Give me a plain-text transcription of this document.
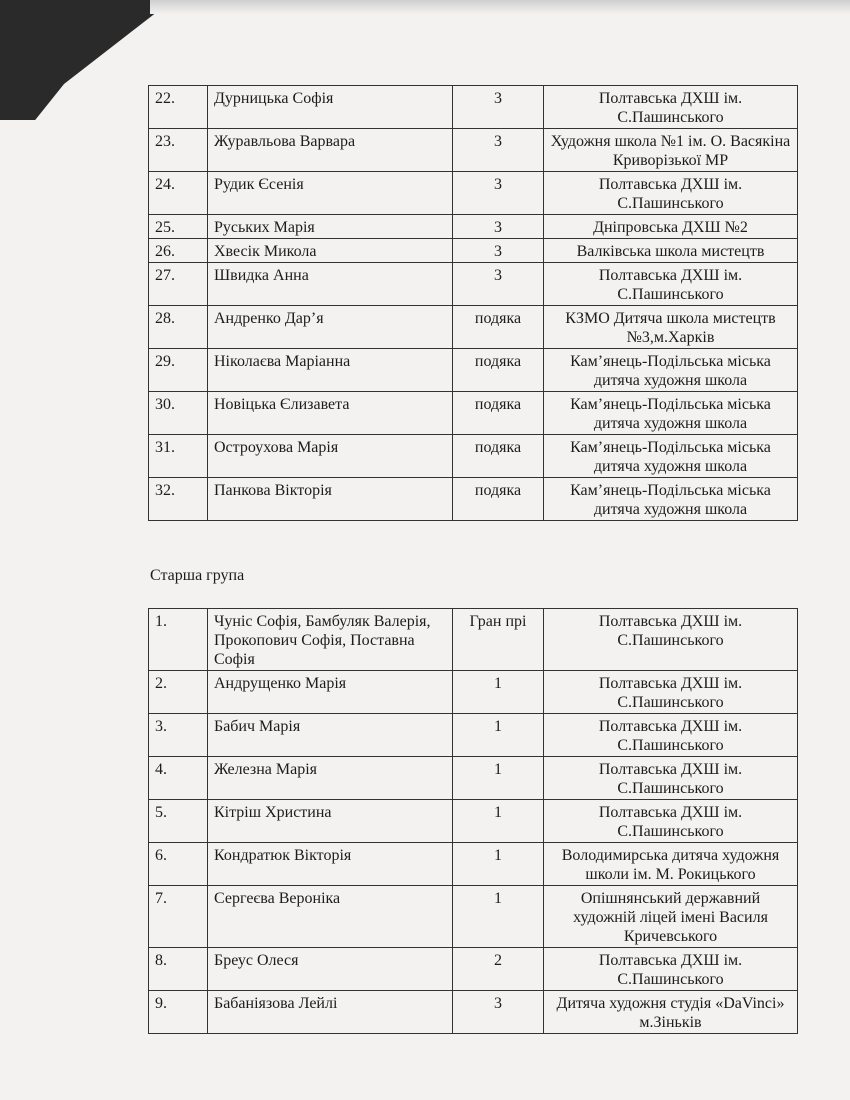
22.	Дурницька Софія	3	Полтавська ДХШ ім. С.Пашинського
23.	Журавльова Варвара	3	Художня школа №1 ім. О. Васякіна Криворізької МР
24.	Рудик Єсенія	3	Полтавська ДХШ ім. С.Пашинського
25.	Руських Марія	3	Дніпровська ДХШ №2
26.	Хвесік Микола	3	Валківська школа мистецтв
27.	Швидка Анна	3	Полтавська ДХШ ім. С.Пашинського
28.	Андренко Дар’я	подяка	КЗМО Дитяча школа мистецтв №3,м.Харків
29.	Ніколаєва Маріанна	подяка	Кам’янець-Подільська міська дитяча художня школа
30.	Новіцька Єлизавета	подяка	Кам’янець-Подільська міська дитяча художня школа
31.	Остроухова Марія	подяка	Кам’янець-Подільська міська дитяча художня школа
32.	Панкова Вікторія	подяка	Кам’янець-Подільська міська дитяча художня школа
Старша група
1.	Чуніс Софія, Бамбуляк Валерія, Прокопович Софія, Поставна Софія	Гран прі	Полтавська ДХШ ім. С.Пашинського
2.	Андрущенко Марія	1	Полтавська ДХШ ім. С.Пашинського
3.	Бабич Марія	1	Полтавська ДХШ ім. С.Пашинського
4.	Железна Марія	1	Полтавська ДХШ ім. С.Пашинського
5.	Кітріш Христина	1	Полтавська ДХШ ім. С.Пашинського
6.	Кондратюк Вікторія	1	Володимирська дитяча художня школи ім. М. Рокицького
7.	Сергеєва Вероніка	1	Опішнянський державний художній ліцей імені Василя Кричевського
8.	Бреус Олеся	2	Полтавська ДХШ ім. С.Пашинського
9.	Бабаніязова Лейлі	3	Дитяча художня студія «DaVinci» м.Зіньків
